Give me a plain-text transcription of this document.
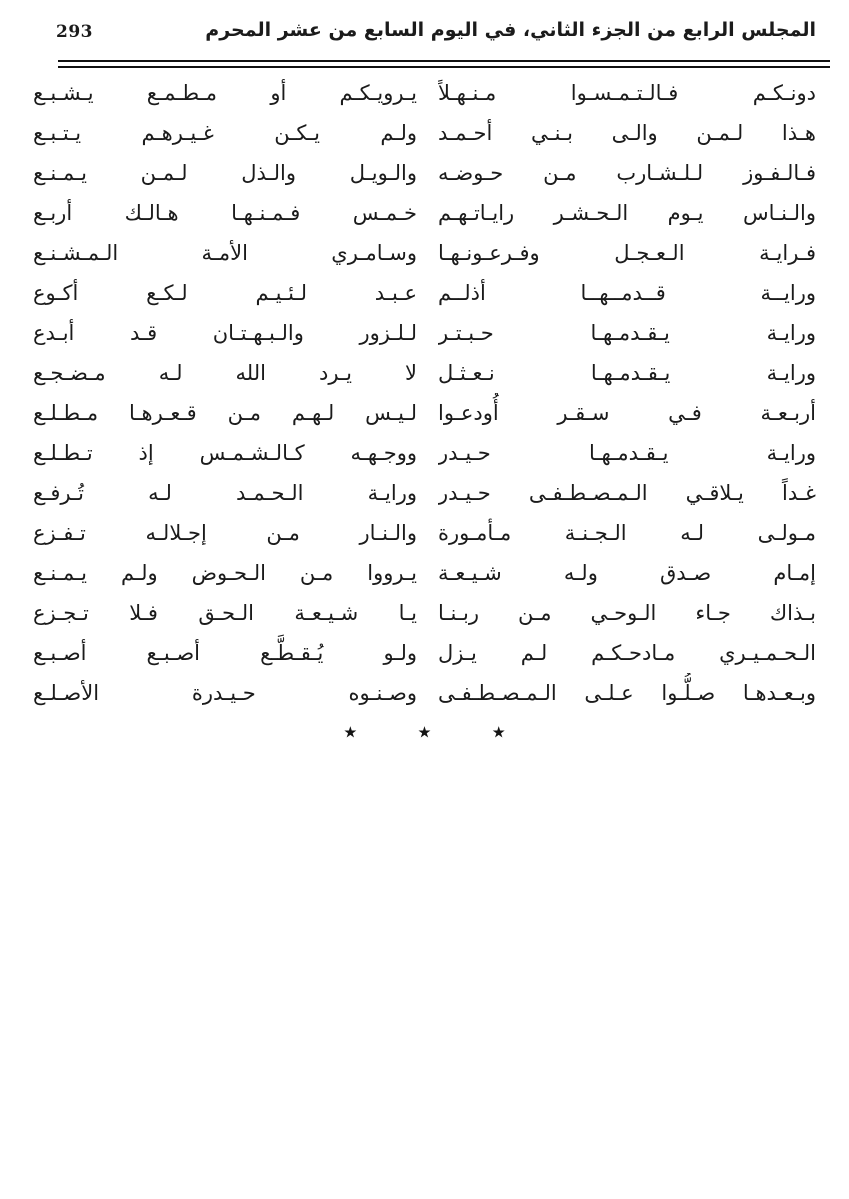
293	المجلس الرابع من الجزء الثاني، في اليوم السابع من عشر المحرم
دونـكـم فـالـتـمـسـوا مـنـهـلاً
يـرويـكـم أو مـطـمـع يـشـبـع
هـذا لـمـن والـى بـنـي أحـمـد
ولـم يـكـن غـيـرهـم يـتـبـع
فـالـفـوز لـلـشـارب مـن حـوضـه
والـويـل والـذل لـمـن يـمـنـع
والـنـاس يـوم الـحـشـر رايـاتـهـم
خـمـس فـمـنـهـا هـالـك أربـع
فـرايـة الـعـجـل وفـرعـونـهـا
وسـامـري الأمـة الـمـشـنـع
ورايــة قــدمــهــا أذلــم
عـبـد لـئـيـم لـكـع أكـوع
ورايـة يـقـدمـهـا حـبـتـر
لـلـزور والـبـهـتـان قـد أبـدع
ورايـة يـقـدمـهـا نـعـثـل
لا يـرد الله لـه مـضـجـع
أربـعـة فـي سـقـر أُودعـوا
لـيـس لـهـم مـن قـعـرهـا مـطـلـع
ورايـة يـقـدمـهـا حـيـدر
ووجـهـه كـالـشـمـس إذ تـطـلـع
غـداً يـلاقـي الـمـصـطـفـى حـيـدر
ورايـة الـحـمـد لـه تُـرفـع
مـولـى لـه الـجـنـة مـأمـورة
والـنـار مـن إجـلالـه تـفـزع
إمـام صـدق ولـه شـيـعـة
يـرووا مـن الـحـوض ولـم يـمـنـع
بـذاك جـاء الـوحـي مـن ربـنـا
يـا شـيـعـة الـحـق فـلا تـجـزع
الـحـمـيـري مـادحـكـم لـم يـزل
ولـو يُـقـطَّـع أصـبـع أصـبـع
وبـعـدهـا صـلُّـوا عـلـى الـمـصـطـفـى
وصـنـوه حـيـدرة الأصـلـع
٭ ٭ ٭
